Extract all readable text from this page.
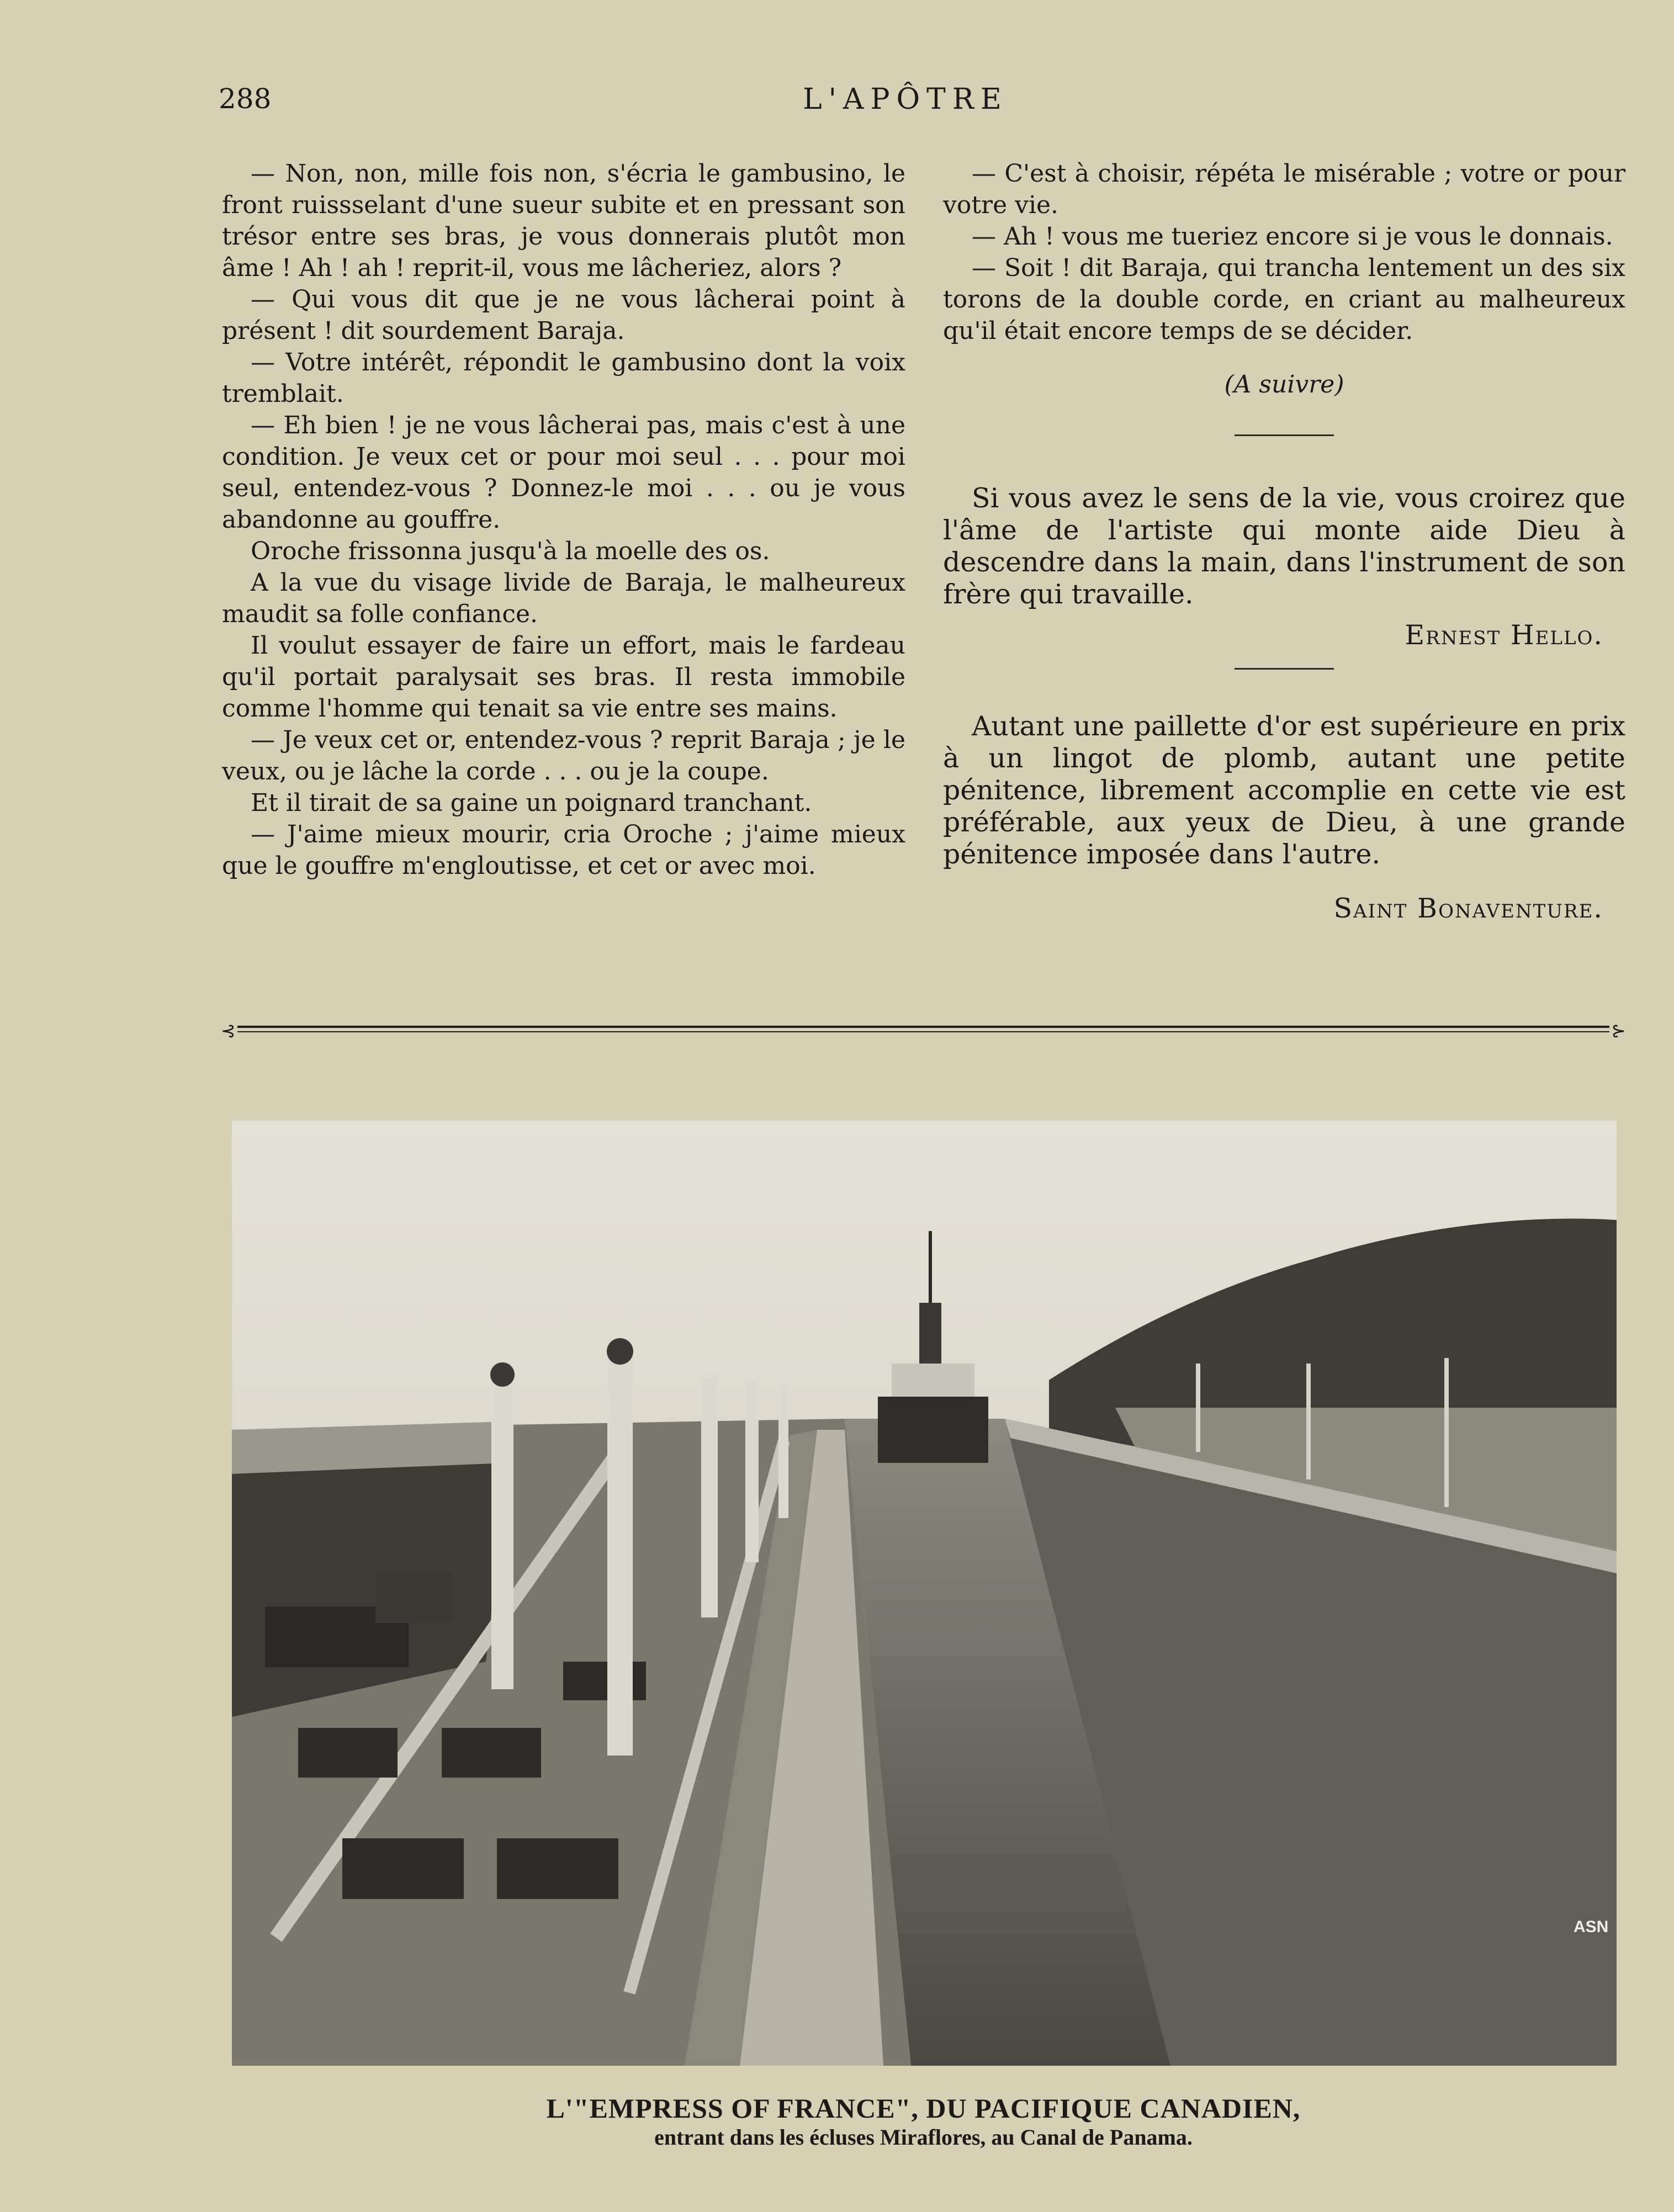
288	L'APÔTRE

— Non, non, mille fois non, s'écria le gambusino, le front ruissselant d'une sueur subite et en pressant son trésor entre ses bras, je vous donnerais plutôt mon âme ! Ah ! ah ! reprit-il, vous me lâcheriez, alors ?

— Qui vous dit que je ne vous lâcherai point à présent ! dit sourdement Baraja.

— Votre intérêt, répondit le gambusino dont la voix tremblait.

— Eh bien ! je ne vous lâcherai pas, mais c'est à une condition. Je veux cet or pour moi seul . . . pour moi seul, entendez-vous ? Donnez-le moi . . . ou je vous abandonne au gouffre.

Oroche frissonna jusqu'à la moelle des os.

A la vue du visage livide de Baraja, le malheureux maudit sa folle confiance.

Il voulut essayer de faire un effort, mais le fardeau qu'il portait paralysait ses bras. Il resta immobile comme l'homme qui tenait sa vie entre ses mains.

— Je veux cet or, entendez-vous ? reprit Baraja ; je le veux, ou je lâche la corde . . . ou je la coupe.

Et il tirait de sa gaine un poignard tranchant.

— J'aime mieux mourir, cria Oroche ; j'aime mieux que le gouffre m'engloutisse, et cet or avec moi.

— C'est à choisir, répéta le misérable ; votre or pour votre vie.

— Ah ! vous me tueriez encore si je vous le donnais.

— Soit ! dit Baraja, qui trancha lentement un des six torons de la double corde, en criant au malheureux qu'il était encore temps de se décider.

(A suivre)

Si vous avez le sens de la vie, vous croirez que l'âme de l'artiste qui monte aide Dieu à descendre dans la main, dans l'instrument de son frère qui travaille.

Ernest Hello.

Autant une paillette d'or est supérieure en prix à un lingot de plomb, autant une petite pénitence, librement accomplie en cette vie est préférable, aux yeux de Dieu, à une grande pénitence imposée dans l'autre.

Saint Bonaventure.
⊰	⊱
ASN
L'"EMPRESS OF FRANCE", DU PACIFIQUE CANADIEN,
entrant dans les écluses Miraflores, au Canal de Panama.
